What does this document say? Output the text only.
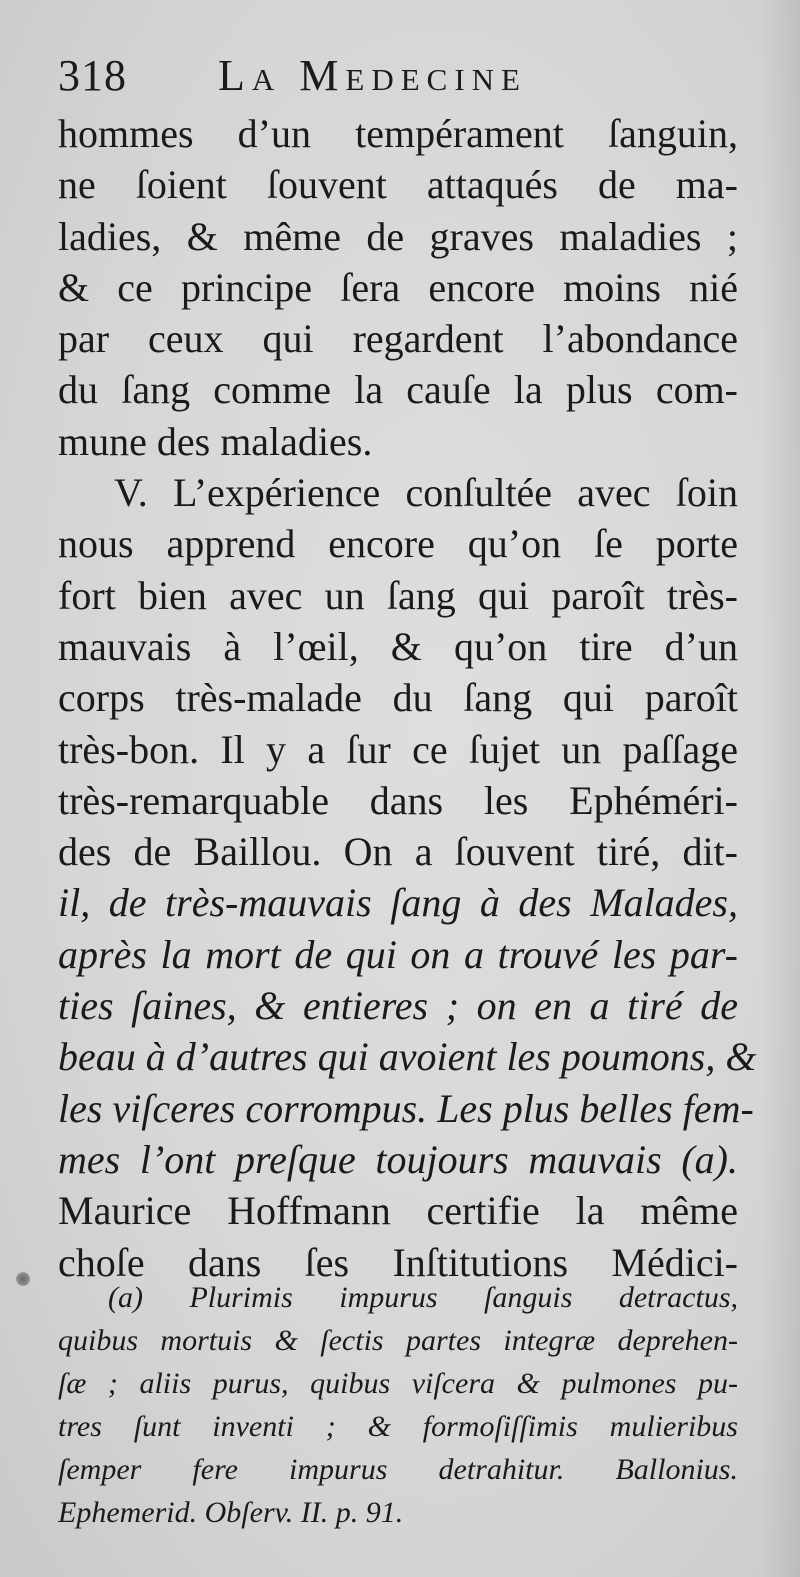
318 La Medecine
hommes d’un tempérament ſanguin,
ne ſoient ſouvent attaqués de ma-
ladies, & même de graves maladies ;
& ce principe ſera encore moins nié
par ceux qui regardent l’abondance
du ſang comme la cauſe la plus com-
mune des maladies.
V. L’expérience conſultée avec ſoin
nous apprend encore qu’on ſe porte
fort bien avec un ſang qui paroît très-
mauvais à l’œil, & qu’on tire d’un
corps très-malade du ſang qui paroît
très-bon. Il y a ſur ce ſujet un paſſage
très-remarquable dans les Ephéméri-
des de Baillou. On a ſouvent tiré, dit-
il, de très-mauvais ſang à des Malades,
après la mort de qui on a trouvé les par-
ties ſaines, & entieres ; on en a tiré de
beau à d’autres qui avoient les poumons, &
les viſceres corrompus. Les plus belles fem-
mes l’ont preſque toujours mauvais (a).
Maurice Hoffmann certifie la même
choſe dans ſes Inſtitutions Médici-
(a) Plurimis impurus ſanguis detractus,
quibus mortuis & ſectis partes integræ deprehen-
ſæ ; aliis purus, quibus viſcera & pulmones pu-
tres ſunt inventi ; & formoſiſſimis mulieribus
ſemper fere impurus detrahitur. Ballonius.
Ephemerid. Obſerv. II. p. 91.
